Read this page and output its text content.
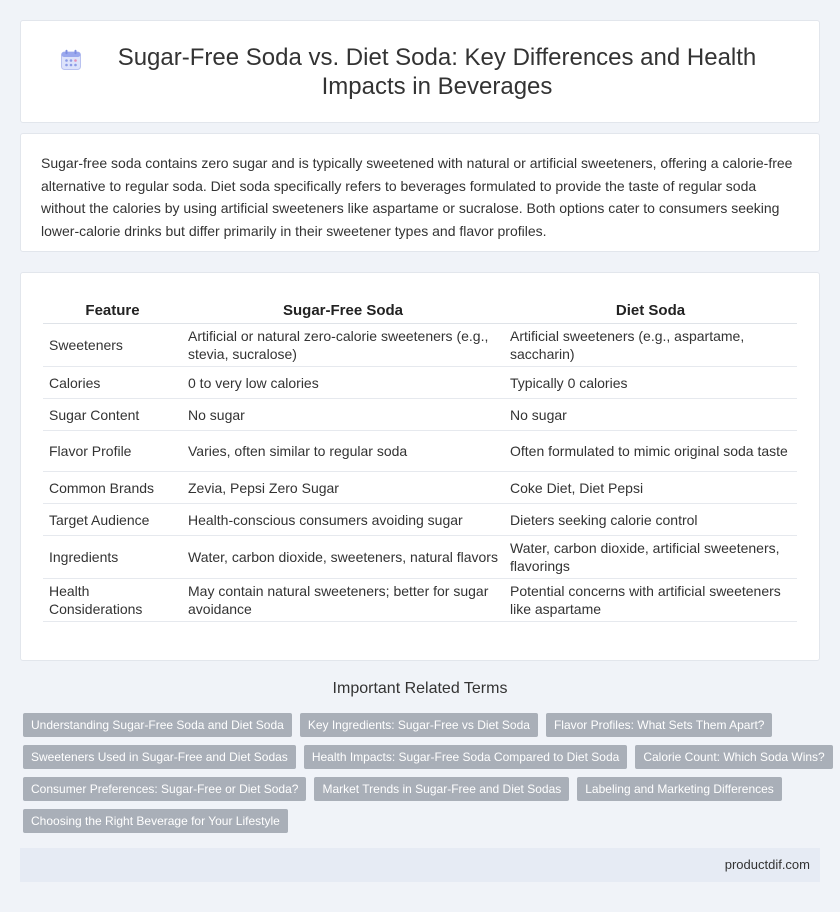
Sugar-Free Soda vs. Diet Soda: Key Differences and Health Impacts in Beverages

Sugar-free soda contains zero sugar and is typically sweetened with natural or artificial sweeteners, offering a calorie-free alternative to regular soda. Diet soda specifically refers to beverages formulated to provide the taste of regular soda without the calories by using artificial sweeteners like aspartame or sucralose. Both options cater to consumers seeking lower-calorie drinks but differ primarily in their sweetener types and flavor profiles.

Feature	Sugar-Free Soda	Diet Soda
Sweeteners	Artificial or natural zero-calorie sweeteners (e.g., stevia, sucralose)	Artificial sweeteners (e.g., aspartame, saccharin)
Calories	0 to very low calories	Typically 0 calories
Sugar Content	No sugar	No sugar
Flavor Profile	Varies, often similar to regular soda	Often formulated to mimic original soda taste
Common Brands	Zevia, Pepsi Zero Sugar	Coke Diet, Diet Pepsi
Target Audience	Health-conscious consumers avoiding sugar	Dieters seeking calorie control
Ingredients	Water, carbon dioxide, sweeteners, natural flavors	Water, carbon dioxide, artificial sweeteners, flavorings
Health Considerations	May contain natural sweeteners; better for sugar avoidance	Potential concerns with artificial sweeteners like aspartame
Important Related Terms
Understanding Sugar-Free Soda and Diet Soda	Key Ingredients: Sugar-Free vs Diet Soda	Flavor Profiles: What Sets Them Apart?
Sweeteners Used in Sugar-Free and Diet Sodas	Health Impacts: Sugar-Free Soda Compared to Diet Soda	Calorie Count: Which Soda Wins?
Consumer Preferences: Sugar-Free or Diet Soda?	Market Trends in Sugar-Free and Diet Sodas	Labeling and Marketing Differences
Choosing the Right Beverage for Your Lifestyle
productdif.com
